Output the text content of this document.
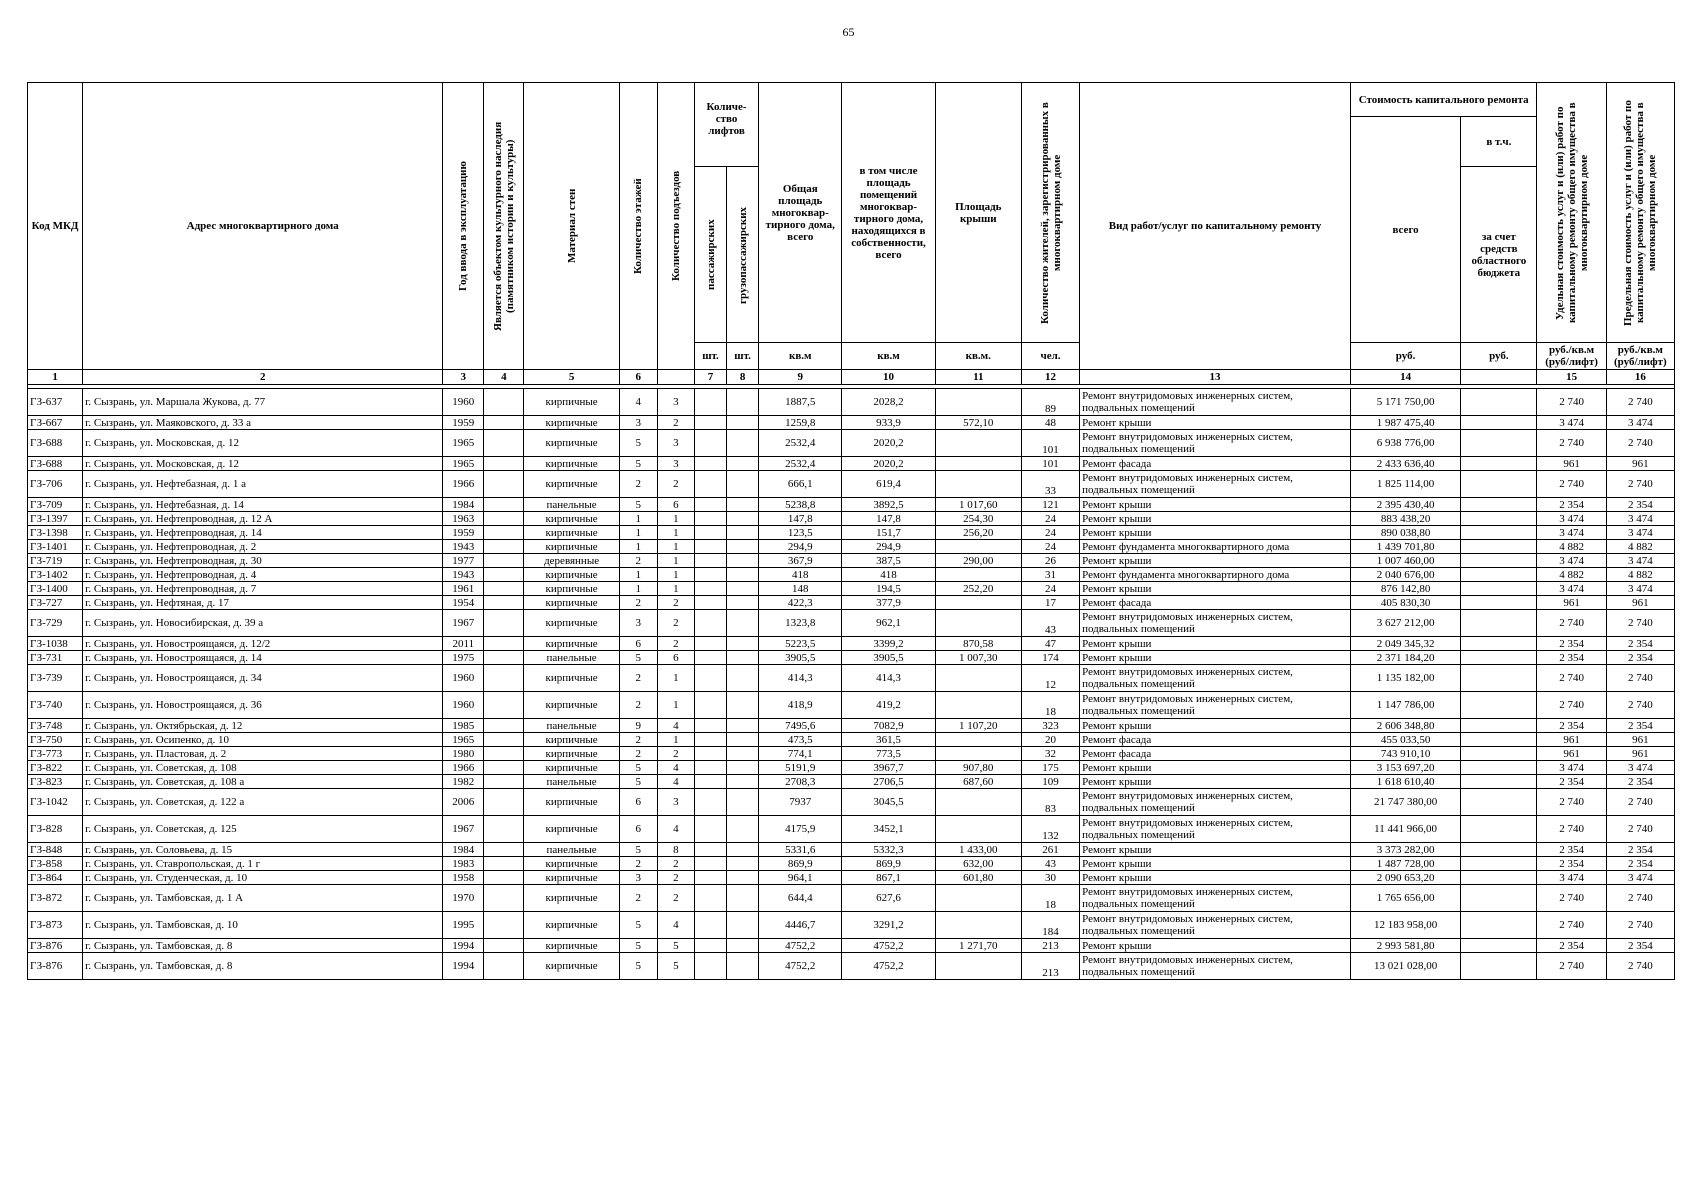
65
Код МКД	Адрес многоквартирного дома	Год ввода в эксплуатацию	Является объектом культурного наследия (памятником истории и культуры)	Материал стен	Количество этажей	Количество подъездов	Количе-ство лифтов		Общая площадь многоквар-тирного дома, всего	в том числе площадь помещений многоквар-тирного дома, находящихся в собственности, всего	Площадь крыши	Количество жителей, зарегистрированных в многоквартирном доме	Вид работ/услуг по капитальному ремонту	Стоимость капитального ремонта		Удельная стоимость услуг и (или) работ по капитальному ремонту общего имущества в многоквартирном доме	Предельная стоимость услуг и (или) работ по капитальному ремонту общего имущества в многоквартирном доме

														всего	в т.ч.		

							пассажирских	грузопассажирских							за счет средств областного бюджета		
							шт.	шт.	кв.м	кв.м	кв.м.	чел.		руб.	руб.	руб./кв.м (руб/лифт)	руб./кв.м (руб/лифт)
1	2	3	4	5	6		7	8	9	10	11	12	13	14		15	16

ГЗ-637	г. Сызрань, ул. Маршала Жукова, д. 77	1960		кирпичные	4	3			1887,5	2028,2		89	Ремонт внутридомовых инженерных систем, подвальных помещений	5 171 750,00		2 740	2 740
ГЗ-667	г. Сызрань, ул. Маяковского, д. 33 а	1959		кирпичные	3	2			1259,8	933,9	572,10	48	Ремонт крыши	1 987 475,40		3 474	3 474
ГЗ-688	г. Сызрань, ул. Московская, д. 12	1965		кирпичные	5	3			2532,4	2020,2		101	Ремонт внутридомовых инженерных систем, подвальных помещений	6 938 776,00		2 740	2 740
ГЗ-688	г. Сызрань, ул. Московская, д. 12	1965		кирпичные	5	3			2532,4	2020,2		101	Ремонт фасада	2 433 636,40		961	961
ГЗ-706	г. Сызрань, ул. Нефтебазная, д. 1 а	1966		кирпичные	2	2			666,1	619,4		33	Ремонт внутридомовых инженерных систем, подвальных помещений	1 825 114,00		2 740	2 740
ГЗ-709	г. Сызрань, ул. Нефтебазная, д. 14	1984		панельные	5	6			5238,8	3892,5	1 017,60	121	Ремонт крыши	2 395 430,40		2 354	2 354
ГЗ-1397	г. Сызрань, ул. Нефтепроводная, д. 12 А	1963		кирпичные	1	1			147,8	147,8	254,30	24	Ремонт крыши	883 438,20		3 474	3 474
ГЗ-1398	г. Сызрань, ул. Нефтепроводная, д. 14	1959		кирпичные	1	1			123,5	151,7	256,20	24	Ремонт крыши	890 038,80		3 474	3 474
ГЗ-1401	г. Сызрань, ул. Нефтепроводная, д. 2	1943		кирпичные	1	1			294,9	294,9		24	Ремонт фундамента многоквартирного дома	1 439 701,80		4 882	4 882
ГЗ-719	г. Сызрань, ул. Нефтепроводная, д. 30	1977		деревянные	2	1			367,9	387,5	290,00	26	Ремонт крыши	1 007 460,00		3 474	3 474
ГЗ-1402	г. Сызрань, ул. Нефтепроводная, д. 4	1943		кирпичные	1	1			418	418		31	Ремонт фундамента многоквартирного дома	2 040 676,00		4 882	4 882
ГЗ-1400	г. Сызрань, ул. Нефтепроводная, д. 7	1961		кирпичные	1	1			148	194,5	252,20	24	Ремонт крыши	876 142,80		3 474	3 474
ГЗ-727	г. Сызрань, ул. Нефтяная, д. 17	1954		кирпичные	2	2			422,3	377,9		17	Ремонт фасада	405 830,30		961	961
ГЗ-729	г. Сызрань, ул. Новосибирская, д. 39 а	1967		кирпичные	3	2			1323,8	962,1		43	Ремонт внутридомовых инженерных систем, подвальных помещений	3 627 212,00		2 740	2 740
ГЗ-1038	г. Сызрань, ул. Новостроящаяся, д. 12/2	2011		кирпичные	6	2			5223,5	3399,2	870,58	47	Ремонт крыши	2 049 345,32		2 354	2 354
ГЗ-731	г. Сызрань, ул. Новостроящаяся, д. 14	1975		панельные	5	6			3905,5	3905,5	1 007,30	174	Ремонт крыши	2 371 184,20		2 354	2 354
ГЗ-739	г. Сызрань, ул. Новостроящаяся, д. 34	1960		кирпичные	2	1			414,3	414,3		12	Ремонт внутридомовых инженерных систем, подвальных помещений	1 135 182,00		2 740	2 740
ГЗ-740	г. Сызрань, ул. Новостроящаяся, д. 36	1960		кирпичные	2	1			418,9	419,2		18	Ремонт внутридомовых инженерных систем, подвальных помещений	1 147 786,00		2 740	2 740
ГЗ-748	г. Сызрань, ул. Октябрьская, д. 12	1985		панельные	9	4			7495,6	7082,9	1 107,20	323	Ремонт крыши	2 606 348,80		2 354	2 354
ГЗ-750	г. Сызрань, ул. Осипенко, д. 10	1965		кирпичные	2	1			473,5	361,5		20	Ремонт фасада	455 033,50		961	961
ГЗ-773	г. Сызрань, ул. Пластовая, д. 2	1980		кирпичные	2	2			774,1	773,5		32	Ремонт фасада	743 910,10		961	961
ГЗ-822	г. Сызрань, ул. Советская, д. 108	1966		кирпичные	5	4			5191,9	3967,7	907,80	175	Ремонт крыши	3 153 697,20		3 474	3 474
ГЗ-823	г. Сызрань, ул. Советская, д. 108 а	1982		панельные	5	4			2708,3	2706,5	687,60	109	Ремонт крыши	1 618 610,40		2 354	2 354
ГЗ-1042	г. Сызрань, ул. Советская, д. 122 а	2006		кирпичные	6	3			7937	3045,5		83	Ремонт внутридомовых инженерных систем, подвальных помещений	21 747 380,00		2 740	2 740
ГЗ-828	г. Сызрань, ул. Советская, д. 125	1967		кирпичные	6	4			4175,9	3452,1		132	Ремонт внутридомовых инженерных систем, подвальных помещений	11 441 966,00		2 740	2 740
ГЗ-848	г. Сызрань, ул. Соловьева, д. 15	1984		панельные	5	8			5331,6	5332,3	1 433,00	261	Ремонт крыши	3 373 282,00		2 354	2 354
ГЗ-858	г. Сызрань, ул. Ставропольская, д. 1 г	1983		кирпичные	2	2			869,9	869,9	632,00	43	Ремонт крыши	1 487 728,00		2 354	2 354
ГЗ-864	г. Сызрань, ул. Студенческая, д. 10	1958		кирпичные	3	2			964,1	867,1	601,80	30	Ремонт крыши	2 090 653,20		3 474	3 474
ГЗ-872	г. Сызрань, ул. Тамбовская, д. 1 А	1970		кирпичные	2	2			644,4	627,6		18	Ремонт внутридомовых инженерных систем, подвальных помещений	1 765 656,00		2 740	2 740
ГЗ-873	г. Сызрань, ул. Тамбовская, д. 10	1995		кирпичные	5	4			4446,7	3291,2		184	Ремонт внутридомовых инженерных систем, подвальных помещений	12 183 958,00		2 740	2 740
ГЗ-876	г. Сызрань, ул. Тамбовская, д. 8	1994		кирпичные	5	5			4752,2	4752,2	1 271,70	213	Ремонт крыши	2 993 581,80		2 354	2 354
ГЗ-876	г. Сызрань, ул. Тамбовская, д. 8	1994		кирпичные	5	5			4752,2	4752,2		213	Ремонт внутридомовых инженерных систем, подвальных помещений	13 021 028,00		2 740	2 740
